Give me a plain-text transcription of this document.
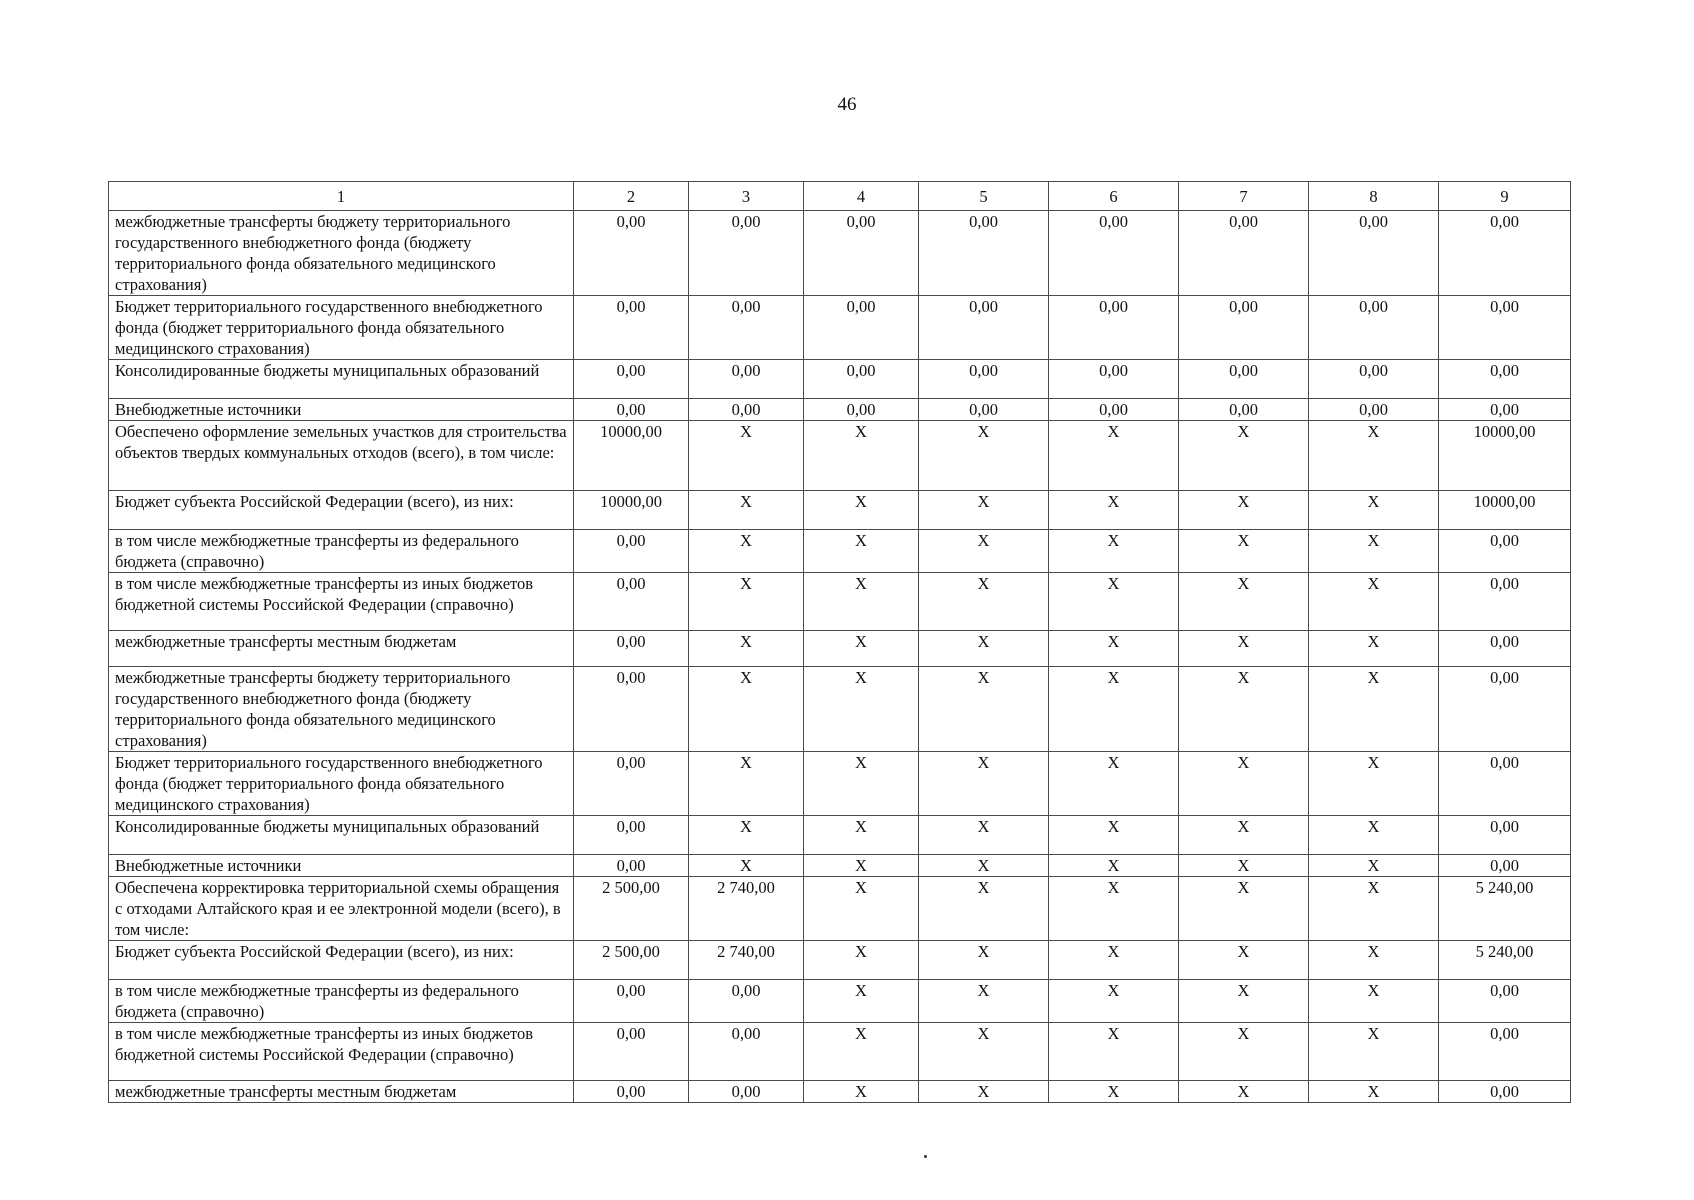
46
1	2	3	4	5	6	7	8	9
межбюджетные трансферты бюджету территориального государственного внебюджетного фонда (бюджету территориального фонда обязательного медицинского страхования)	0,00	0,00	0,00	0,00	0,00	0,00	0,00	0,00
Бюджет территориального государственного внебюджетного фонда (бюджет территориального фонда обязательного медицинского страхования)	0,00	0,00	0,00	0,00	0,00	0,00	0,00	0,00
Консолидированные бюджеты муниципальных образований	0,00	0,00	0,00	0,00	0,00	0,00	0,00	0,00
Внебюджетные источники	0,00	0,00	0,00	0,00	0,00	0,00	0,00	0,00
Обеспечено оформление земельных участков для строительства объектов твердых коммунальных отходов (всего), в том числе:	10000,00	X	X	X	X	X	X	10000,00
Бюджет субъекта Российской Федерации (всего), из них:	10000,00	X	X	X	X	X	X	10000,00
в том числе межбюджетные трансферты из федерального бюджета (справочно)	0,00	X	X	X	X	X	X	0,00
в том числе межбюджетные трансферты из иных бюджетов бюджетной системы Российской Федерации (справочно)	0,00	X	X	X	X	X	X	0,00
межбюджетные трансферты местным бюджетам	0,00	X	X	X	X	X	X	0,00
межбюджетные трансферты бюджету территориального государственного внебюджетного фонда (бюджету территориального фонда обязательного медицинского страхования)	0,00	X	X	X	X	X	X	0,00
Бюджет территориального государственного внебюджетного фонда (бюджет территориального фонда обязательного медицинского страхования)	0,00	X	X	X	X	X	X	0,00
Консолидированные бюджеты муниципальных образований	0,00	X	X	X	X	X	X	0,00
Внебюджетные источники	0,00	X	X	X	X	X	X	0,00
Обеспечена корректировка территориальной схемы обращения с отходами Алтайского края и ее электронной модели (всего), в том числе:	2 500,00	2 740,00	X	X	X	X	X	5 240,00
Бюджет субъекта Российской Федерации (всего), из них:	2 500,00	2 740,00	X	X	X	X	X	5 240,00
в том числе межбюджетные трансферты из федерального бюджета (справочно)	0,00	0,00	X	X	X	X	X	0,00
в том числе межбюджетные трансферты из иных бюджетов бюджетной системы Российской Федерации (справочно)	0,00	0,00	X	X	X	X	X	0,00
межбюджетные трансферты местным бюджетам	0,00	0,00	X	X	X	X	X	0,00
